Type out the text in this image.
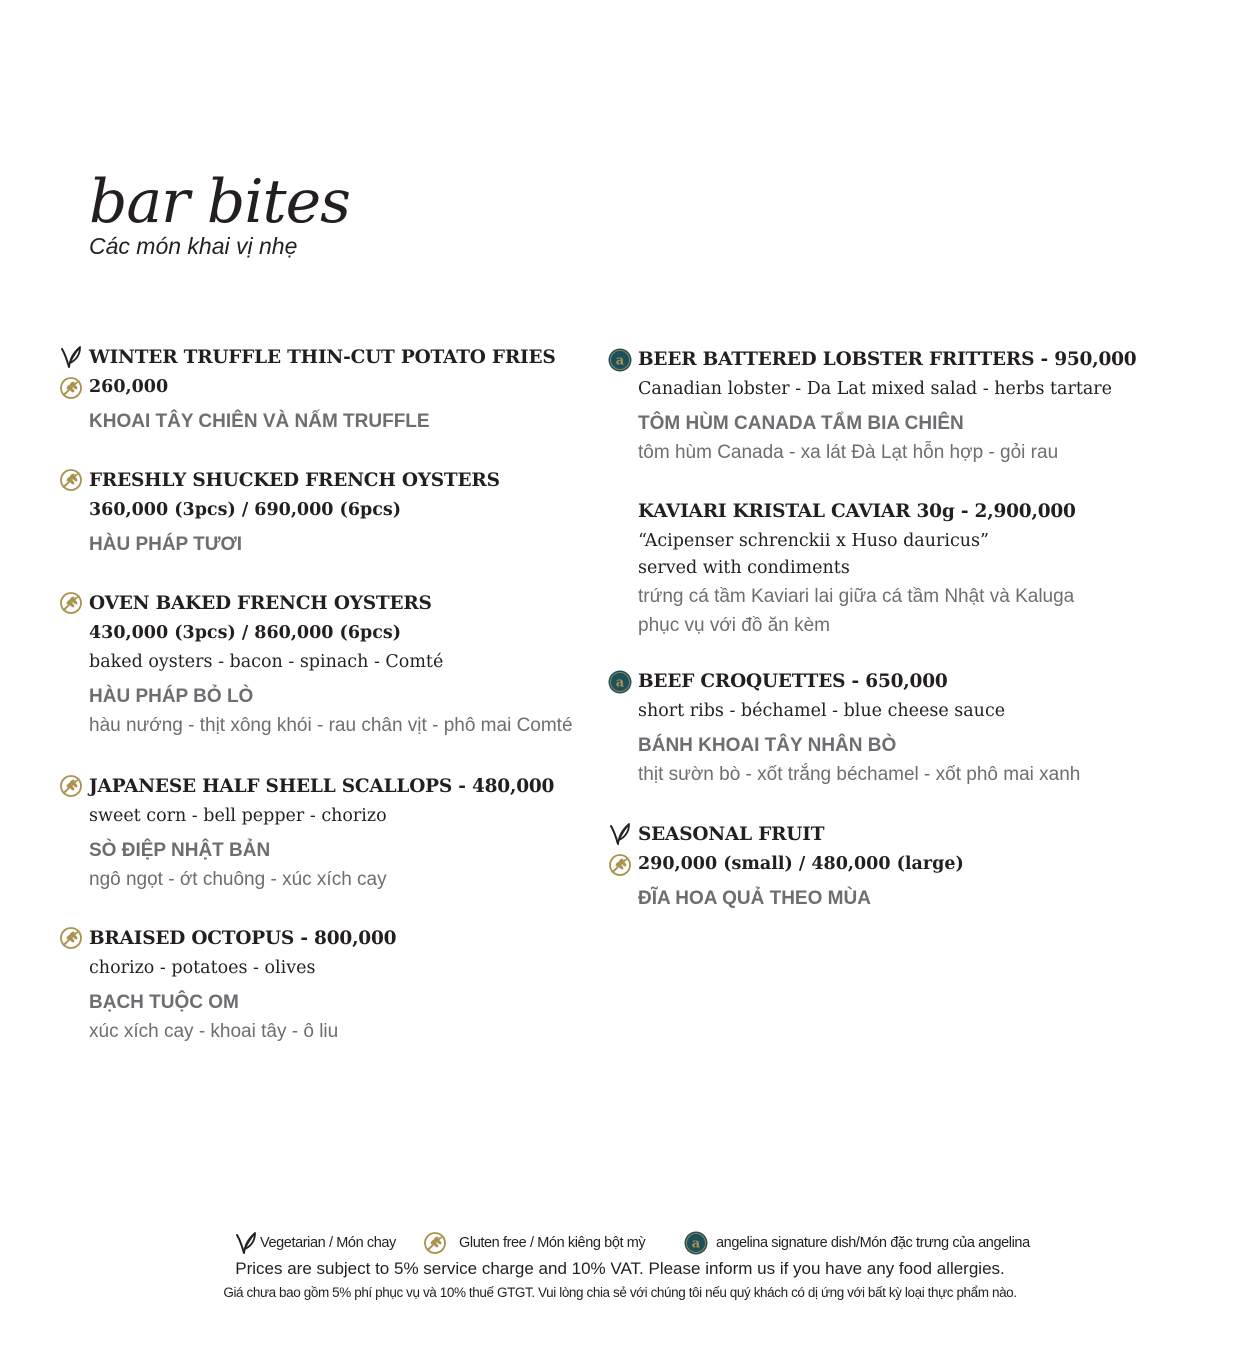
bar bites
Các món khai vị nhẹ
WINTER TRUFFLE THIN-CUT POTATO FRIES
260,000
KHOAI TÂY CHIÊN VÀ NẤM TRUFFLE
FRESHLY SHUCKED FRENCH OYSTERS
360,000 (3pcs) / 690,000 (6pcs)
HÀU PHÁP TƯƠI
OVEN BAKED FRENCH OYSTERS
430,000 (3pcs) / 860,000 (6pcs)
baked oysters - bacon - spinach - Comté
HÀU PHÁP BỎ LÒ
hàu nướng - thịt xông khói - rau chân vịt - phô mai Comté
JAPANESE HALF SHELL SCALLOPS - 480,000
sweet corn - bell pepper - chorizo
SÒ ĐIỆP NHẬT BẢN
ngô ngọt - ớt chuông - xúc xích cay
BRAISED OCTOPUS - 800,000
chorizo - potatoes - olives
BẠCH TUỘC OM
xúc xích cay - khoai tây - ô liu
a BEER BATTERED LOBSTER FRITTERS - 950,000
Canadian lobster - Da Lat mixed salad - herbs tartare
TÔM HÙM CANADA TẨM BIA CHIÊN
tôm hùm Canada - xa lát Đà Lạt hỗn hợp - gỏi rau
KAVIARI KRISTAL CAVIAR 30g - 2,900,000
“Acipenser schrenckii x Huso dauricus”
served with condiments
trứng cá tầm Kaviari lai giữa cá tầm Nhật và Kaluga
phục vụ với đồ ăn kèm
a BEEF CROQUETTES - 650,000
short ribs - béchamel - blue cheese sauce
BÁNH KHOAI TÂY NHÂN BÒ
thịt sườn bò - xốt trắng béchamel - xốt phô mai xanh
SEASONAL FRUIT
290,000 (small) / 480,000 (large)
ĐĨA HOA QUẢ THEO MÙA
Vegetarian / Món chay	Gluten free / Món kiêng bột mỳ	a angelina signature dish/Món đặc trưng của angelina
Prices are subject to 5% service charge and 10% VAT. Please inform us if you have any food allergies.
Giá chưa bao gồm 5% phí phục vụ và 10% thuế GTGT. Vui lòng chia sẻ với chúng tôi nếu quý khách có dị ứng với bất kỳ loại thực phẩm nào.
